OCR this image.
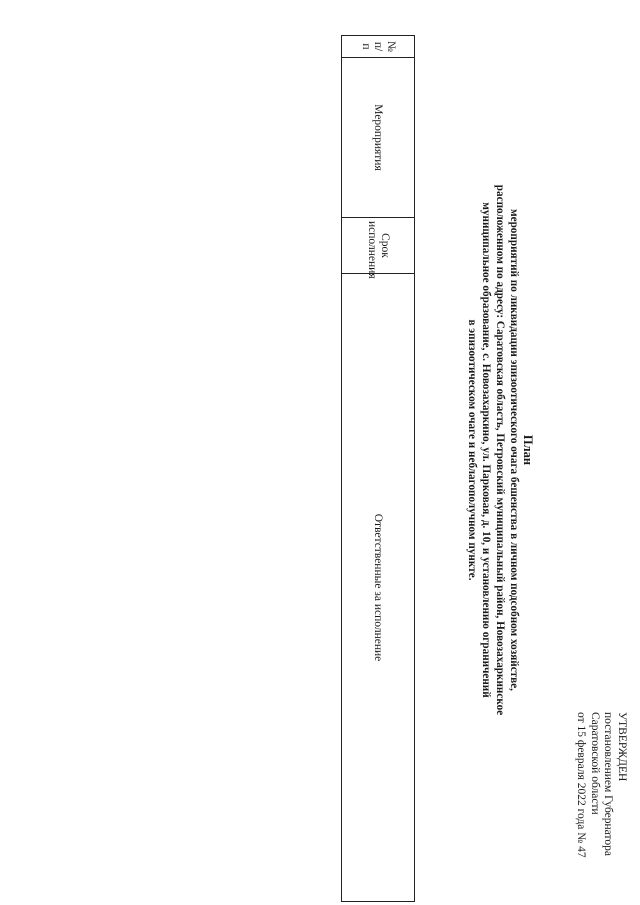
УТВЕРЖДЕН
постановлением Губернатора
Саратовской области
от 15 февраля 2022 года № 47
План
мероприятий по ликвидации эпизоотического очага бешенства в личном подсобном хозяйстве,
расположенном по адресу: Саратовская область, Петровский муниципальный район, Новозахаркинское
муниципальное образование, с. Новозахаркино, ул. Парковая, д. 10, и установлению ограничений
в эпизоотическом очаге и неблагополучном пункте.
№ п/п	Мероприятия	Срок исполнения	Ответственные за исполнение
